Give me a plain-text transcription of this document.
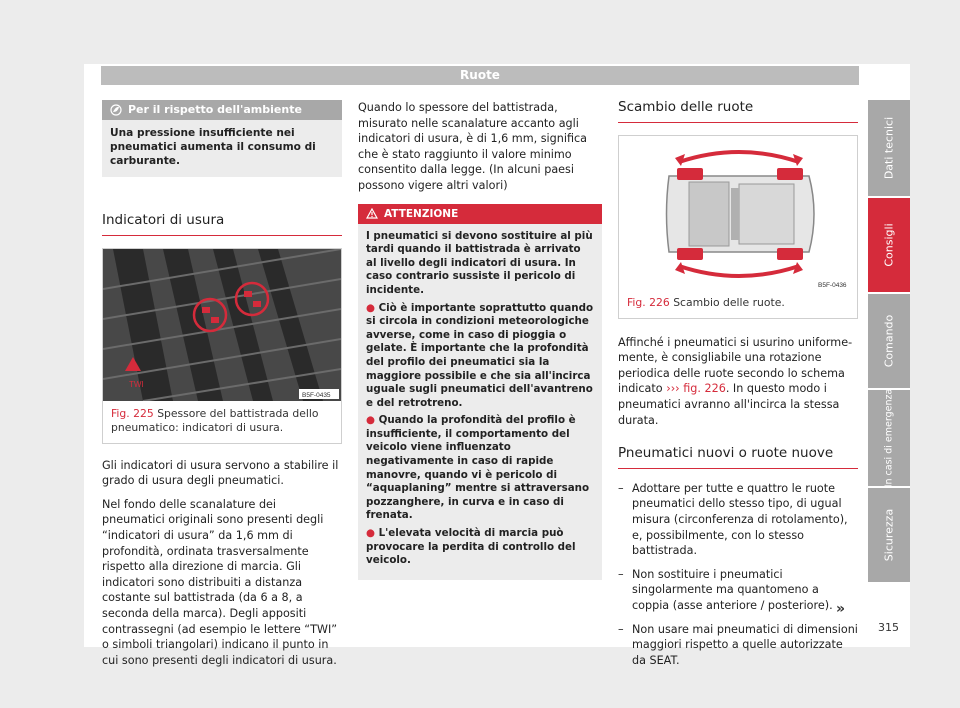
Ruote
Dati tecnici
Consigli
Comando
In casi di emergenza
Sicurezza
Per il rispetto dell'ambiente
Una pressione insufficiente nei pneumatici aumenta il consumo di carburante.
Indicatori di usura
TWI
B5F-0435
Fig. 225 Spessore del battistrada dello pneumatico: indicatori di usura.

Gli indicatori di usura servono a stabilire il grado di usura degli pneumatici.

Nel fondo delle scanalature dei pneumatici originali sono presenti degli “indicatori di usura” da 1,6 mm di profondità, ordinata trasversalmente rispetto alla direzione di marcia. Gli indicatori sono distribuiti a distanza costante sul battistrada (da 6 a 8, a seconda della marca). Degli appositi contrassegni (ad esempio le lettere “TWI” o simboli triangolari) indicano il punto in cui sono presenti degli indicatori di usura.

Quando lo spessore del battistrada, misurato nelle scanalature accanto agli indicatori di usura, è di 1,6 mm, significa che è stato raggiunto il valore minimo consentito dalla legge. (In alcuni paesi possono vigere altri valori)

ATTENZIONE

I pneumatici si devono sostituire al più tardi quando il battistrada è arrivato al livello degli indicatori di usura. In caso contrario sussiste il pericolo di incidente.

● Ciò è importante soprattutto quando si circola in condizioni meteorologiche avverse, come in caso di pioggia o gelate. È importante che la profondità del profilo dei pneumatici sia la maggiore possibile e che sia all'incirca uguale sugli pneumatici dell'avantreno e del retrotreno.

● Quando la profondità del profilo è insufficiente, il comportamento del veicolo viene influenzato negativamente in caso di rapide manovre, quando vi è pericolo di “aquaplaning” mentre si attraversano pozzanghere, in curva e in caso di frenata.

● L'elevata velocità di marcia può provocare la perdita di controllo del veicolo.

Scambio delle ruote
B5F-0436
Fig. 226 Scambio delle ruote.

Affinché i pneumatici si usurino uniformemente, è consigliabile una rotazione periodica delle ruote secondo lo schema indicato ››› fig. 226. In questo modo i pneumatici avranno all'incirca la stessa durata.

Pneumatici nuovi o ruote nuove
– Adottare per tutte e quattro le ruote pneumatici dello stesso tipo, di ugual misura (circonferenza di rotolamento), e, possibilmente, con lo stesso battistrada.
– Non sostituire i pneumatici singolarmente ma quantomeno a coppia (asse anteriore / posteriore).
– Non usare mai pneumatici di dimensioni maggiori rispetto a quelle autorizzate da SEAT.
»
315
